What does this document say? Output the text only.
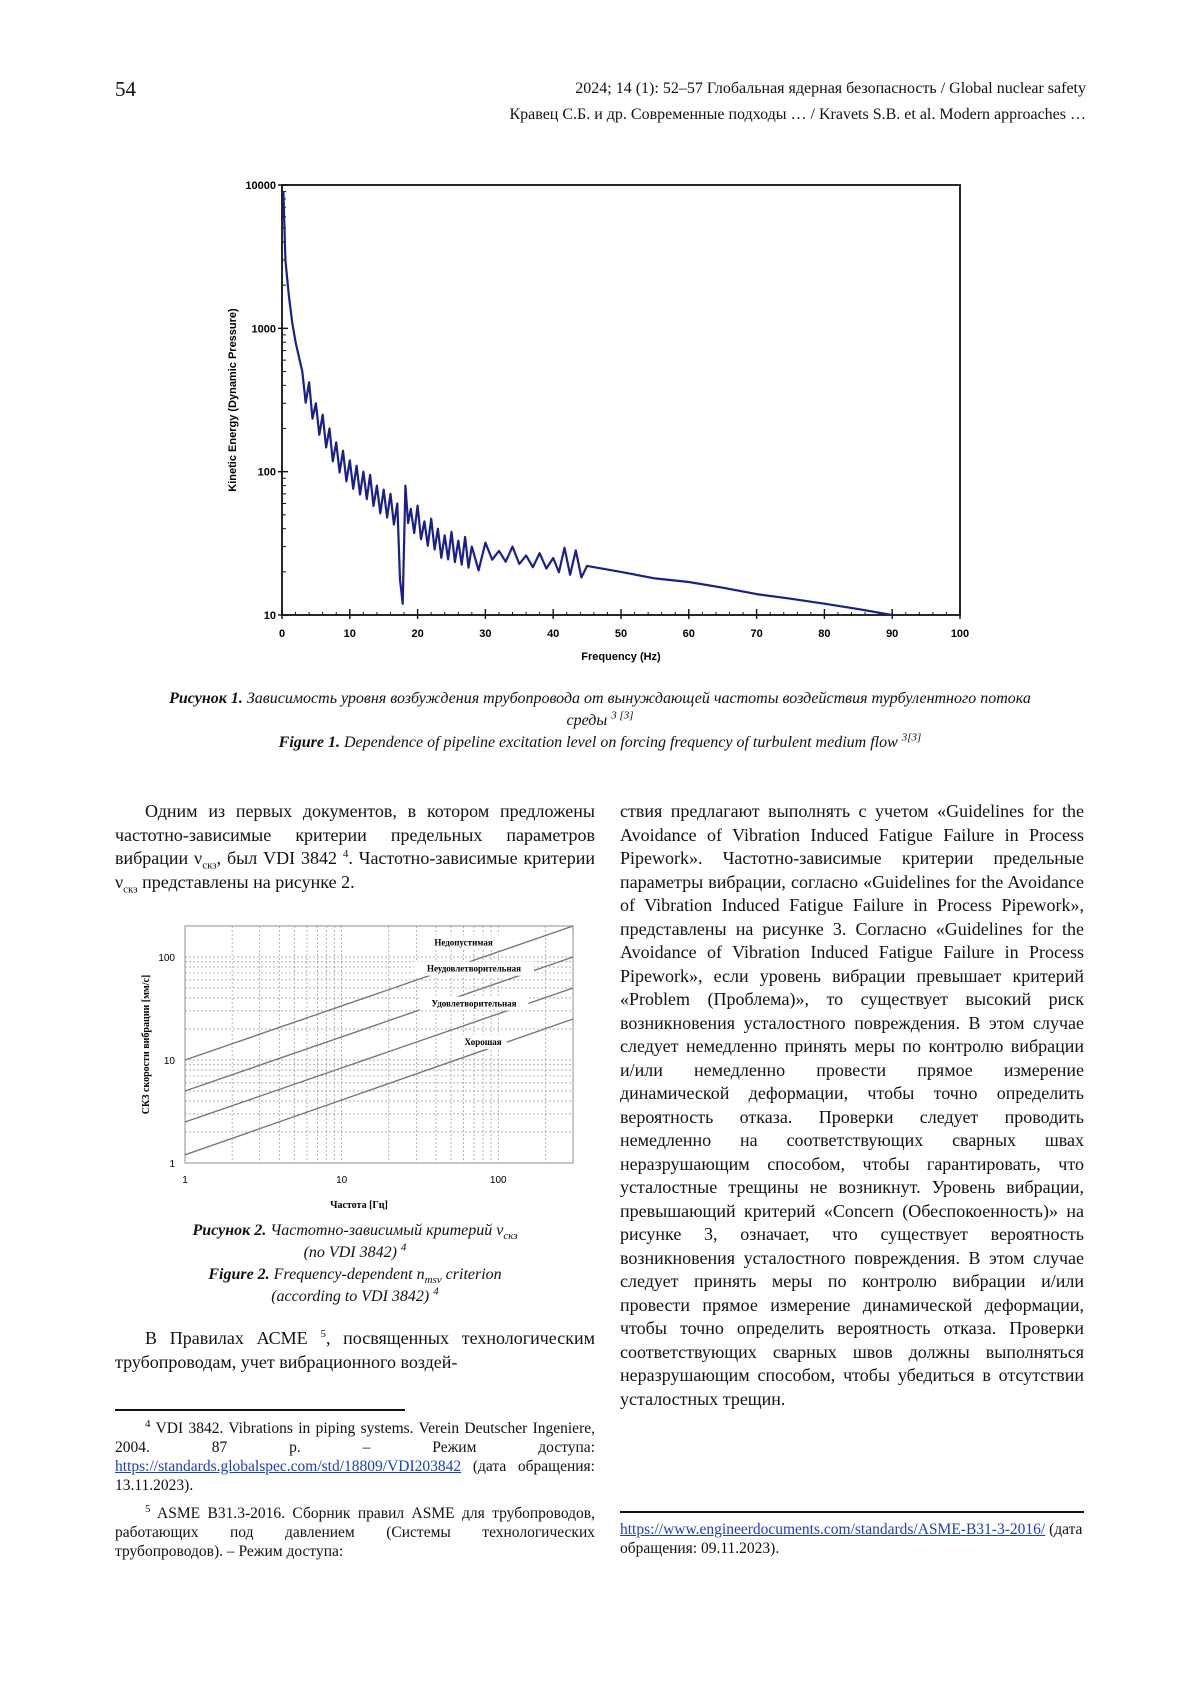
54	2024; 14 (1): 52–57 Глобальная ядерная безопасность / Global nuclear safety
Кравец С.Б. и др. Современные подходы … / Kravets S.B. et al. Modern approaches …
10
100
1000
10000
0	10	20	30	40	50	60	70	80	90	100
Frequency (Hz)
Kinetic Energy (Dynamic Pressure)
Рисунок 1. Зависимость уровня возбуждения трубопровода от вынуждающей частоты воздействия турбулентного потока среды $^{3 [3]}$
Figure 1. Dependence of pipeline excitation level on forcing frequency of turbulent medium flow $^{3[3]}$

Одним из первых документов, в котором предложены частотно-зависимые критерии предельных параметров вибрации $\nu_{скз}$, был VDI 3842 $^4$. Частотно-зависимые критерии $\nu_{скз}$ представлены на рисунке 2.

1
10
100
1	10	100
Частота [Гц]
СКЗ скорости вибрации [мм/с]
Недопустимая
Неудовлетворительная
Удовлетворительная
Хорошая
Рисунок 2. Частотно-зависимый критерий $\nu_{скз}$
(по VDI 3842) $^4$
Figure 2. Frequency-dependent $n_{msv}$ criterion
(according to VDI 3842) $^4$

В Правилах АСМЕ $^5$, посвященных технологическим трубопроводам, учет вибрационного воздей-

$^4$ VDI 3842. Vibrations in piping systems. Verein Deutscher Ingeniere, 2004. 87 p. – Режим доступа: https://standards.globalspec.com/std/18809/VDI203842 (дата обращения: 13.11.2023).
$^5$ ASME B31.3-2016. Сборник правил ASME для трубопроводов, работающих под давлением (Системы технологических трубопроводов). – Режим доступа:

ствия предлагают выполнять с учетом «Guidelines for the Avoidance of Vibration Induced Fatigue Failure in Process Pipework». Частотно-зависимые критерии предельные параметры вибрации, согласно «Guidelines for the Avoidance of Vibration Induced Fatigue Failure in Process Pipework», представлены на рисунке 3. Согласно «Guidelines for the Avoidance of Vibration Induced Fatigue Failure in Process Pipework», если уровень вибрации превышает критерий «Problem (Проблема)», то существует высокий риск возникновения усталостного повреждения. В этом случае следует немедленно принять меры по контролю вибрации и/или немедленно провести прямое измерение динамической деформации, чтобы точно определить вероятность отказа. Проверки следует проводить немедленно на соответствующих сварных швах неразрушающим способом, чтобы гарантировать, что усталостные трещины не возникнут. Уровень вибрации, превышающий критерий «Concern (Обеспокоенность)» на рисунке 3, означает, что существует вероятность возникновения усталостного повреждения. В этом случае следует принять меры по контролю вибрации и/или провести прямое измерение динамической деформации, чтобы точно определить вероятность отказа. Проверки соответствующих сварных швов должны выполняться неразрушающим способом, чтобы убедиться в отсутствии усталостных трещин.

https://www.engineerdocuments.com/standards/ASME-B31-3-2016/ (дата обращения: 09.11.2023).
